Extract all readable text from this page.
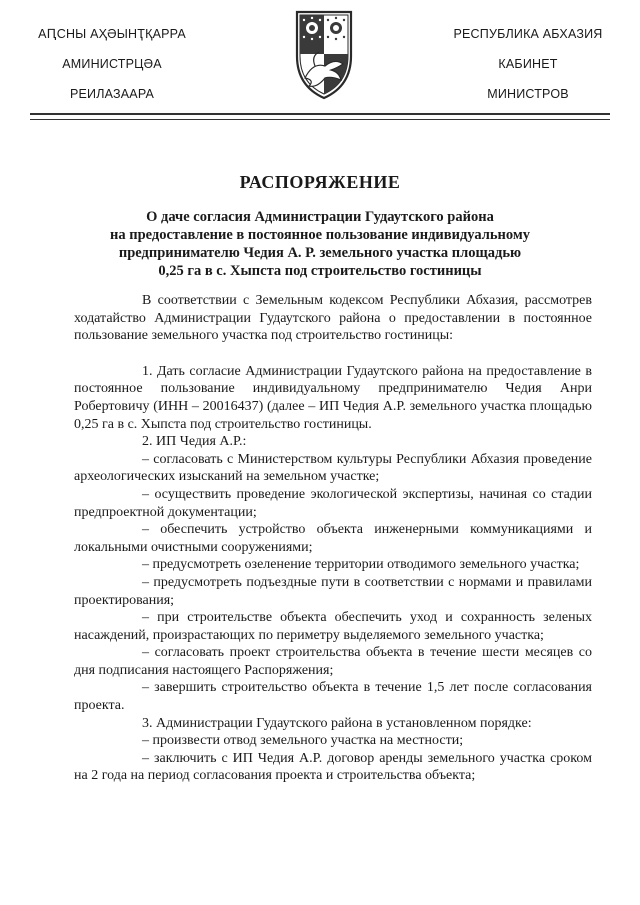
АԤСНЫ АҲӘЫНҬҚАРРА
АМИНИСТРЦӘА
РЕИЛАЗААРА
РЕСПУБЛИКА АБХАЗИЯ
КАБИНЕТ
МИНИСТРОВ
РАСПОРЯЖЕНИЕ
О даче согласия Администрации Гудаутского района
на предоставление в постоянное пользование индивидуальному
предпринимателю Чедия А. Р. земельного участка площадью
0,25 га в с. Хыпста под строительство гостиницы

В соответствии с Земельным кодексом Республики Абхазия, рассмотрев ходатайство Администрации Гудаутского района о предоставлении в постоянное пользование земельного участка под строительство гостиницы:

1. Дать согласие Администрации Гудаутского района на предоставление в постоянное пользование индивидуальному предпринимателю Чедия Анри Робертовичу (ИНН – 20016437) (далее – ИП Чедия А.Р. земельного участка площадью 0,25 га в с. Хыпста под строительство гостиницы.

2. ИП Чедия А.Р.:

– согласовать с Министерством культуры Республики Абхазия проведение археологических изысканий на земельном участке;

– осуществить проведение экологической экспертизы, начиная со стадии предпроектной документации;

– обеспечить устройство объекта инженерными коммуникациями и локальными очистными сооружениями;

– предусмотреть озеленение территории отводимого земельного участка;

– предусмотреть подъездные пути в соответствии с нормами и правилами проектирования;

– при строительстве объекта обеспечить уход и сохранность зеленых насаждений, произрастающих по периметру выделяемого земельного участка;

– согласовать проект строительства объекта в течение шести месяцев со дня подписания настоящего Распоряжения;

– завершить строительство объекта в течение 1,5 лет после согласования проекта.

3. Администрации Гудаутского района в установленном порядке:

– произвести отвод земельного участка на местности;

– заключить с ИП Чедия А.Р. договор аренды земельного участка сроком на 2 года на период согласования проекта и строительства объекта;
